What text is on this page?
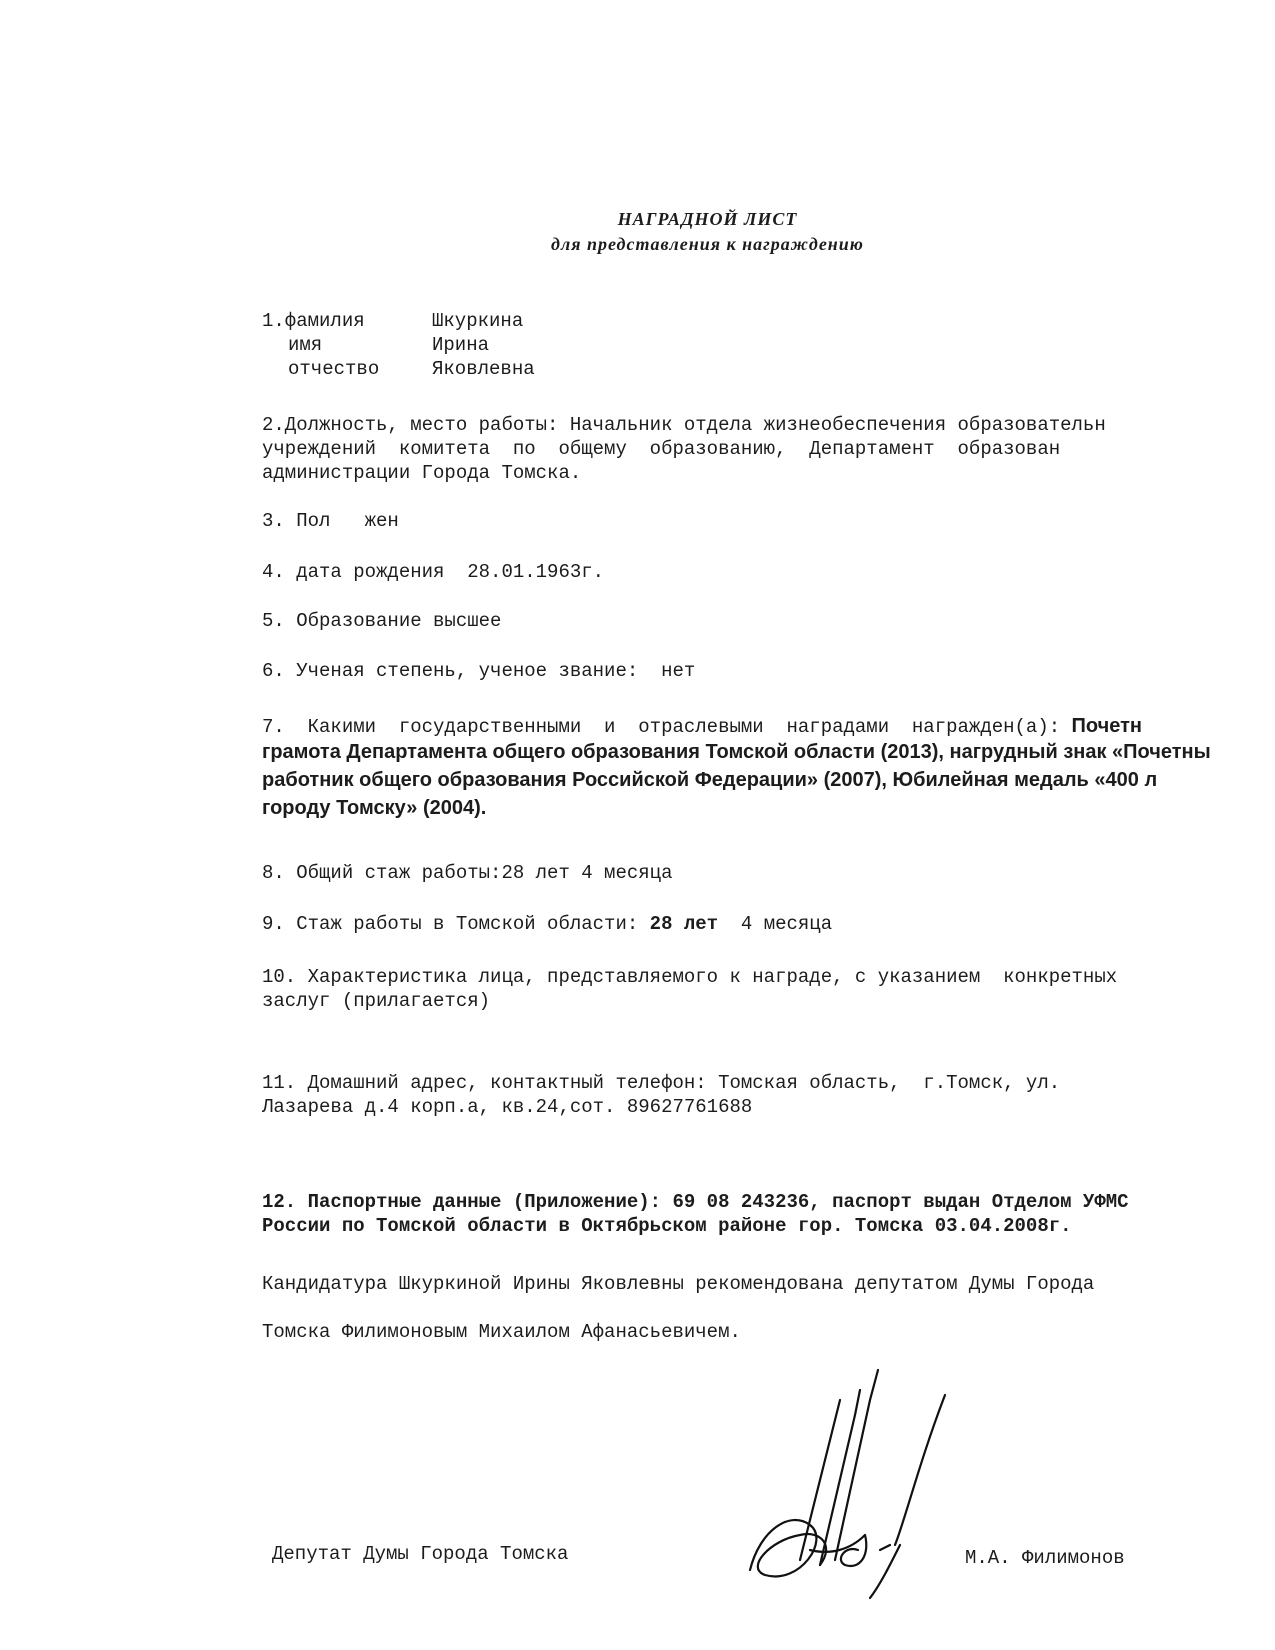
НАГРАДНОЙ ЛИСТ
для представления к награждению
1.фамилия	Шкуркина
имя	Ирина
отчество	Яковлевна
2.Должность, место работы: Начальник отдела жизнеобеспечения образовательн
учреждений  комитета  по  общему  образованию,  Департамент  образован
администрации Города Томска.
3. Пол   жен
4. дата рождения  28.01.1963г.
5. Образование высшее
6. Ученая степень, ученое звание:  нет
7.  Какими  государственными  и  отраслевыми  наградами  награжден(а): Почетн
грамота Департамента общего образования Томской области (2013), нагрудный знак «Почетны
работник общего образования Российской Федерации» (2007), Юбилейная медаль «400 л
городу Томску» (2004).
8. Общий стаж работы:28 лет 4 месяца
9. Стаж работы в Томской области: 28 лет  4 месяца
10. Характеристика лица, представляемого к награде, с указанием  конкретных
заслуг (прилагается)
11. Домашний адрес, контактный телефон: Томская область,  г.Томск, ул.
Лазарева д.4 корп.а, кв.24,сот. 89627761688
12. Паспортные данные (Приложение): 69 08 243236, паспорт выдан Отделом УФМС
России по Томской области в Октябрьском районе гор. Томска 03.04.2008г.
Кандидатура Шкуркиной Ирины Яковлевны рекомендована депутатом Думы Города
Томска Филимоновым Михаилом Афанасьевичем.
Депутат Думы Города Томска	М.А. Филимонов
